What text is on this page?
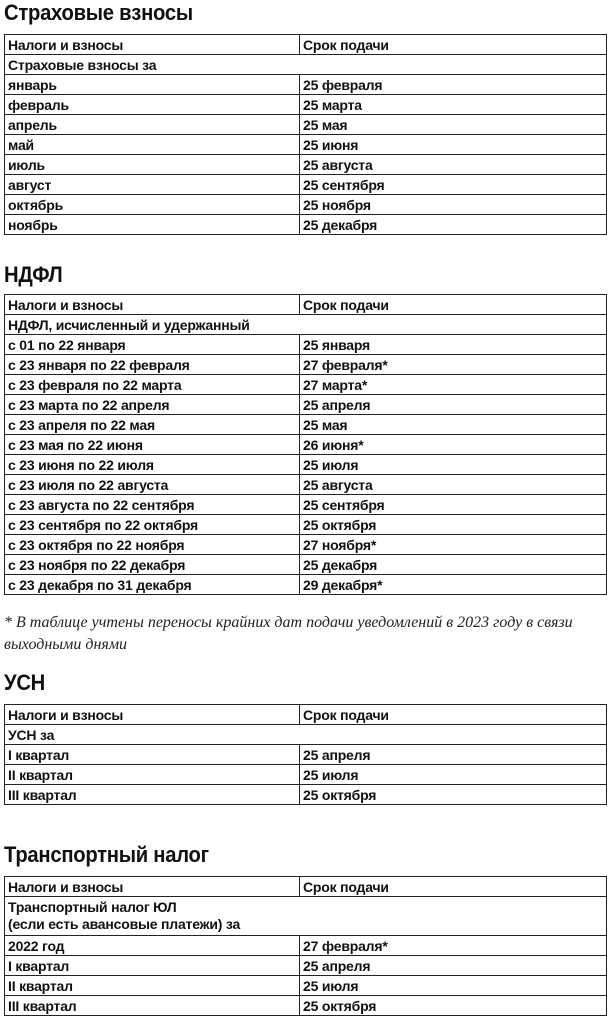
Страховые взносы
Налоги и взносы	Срок подачи
Страховые взносы за	
январь	25 февраля
февраль	25 марта
апрель	25 мая
май	25 июня
июль	25 августа
август	25 сентября
октябрь	25 ноября
ноябрь	25 декабря
НДФЛ
Налоги и взносы	Срок подачи
НДФЛ, исчисленный и удержанный	
с 01 по 22 января	25 января
с 23 января по 22 февраля	27 февраля*
с 23 февраля по 22 марта	27 марта*
с 23 марта по 22 апреля	25 апреля
с 23 апреля по 22 мая	25 мая
с 23 мая по 22 июня	26 июня*
с 23 июня по 22 июля	25 июля
с 23 июля по 22 августа	25 августа
с 23 августа по 22 сентября	25 сентября
с 23 сентября по 22 октября	25 октября
с 23 октября по 22 ноября	27 ноября*
с 23 ноября по 22 декабря	25 декабря
с 23 декабря по 31 декабря	29 декабря*
* В таблице учтены переносы крайних дат подачи уведомлений в 2023 году в связи выходными днями
УСН
Налоги и взносы	Срок подачи
УСН за	
I квартал	25 апреля
II квартал	25 июля
III квартал	25 октября
Транспортный налог
Налоги и взносы	Срок подачи

Транспортный налог ЮЛ
(если есть авансовые платежи) за	

2022 год	27 февраля*
I квартал	25 апреля
II квартал	25 июля
III квартал	25 октября
